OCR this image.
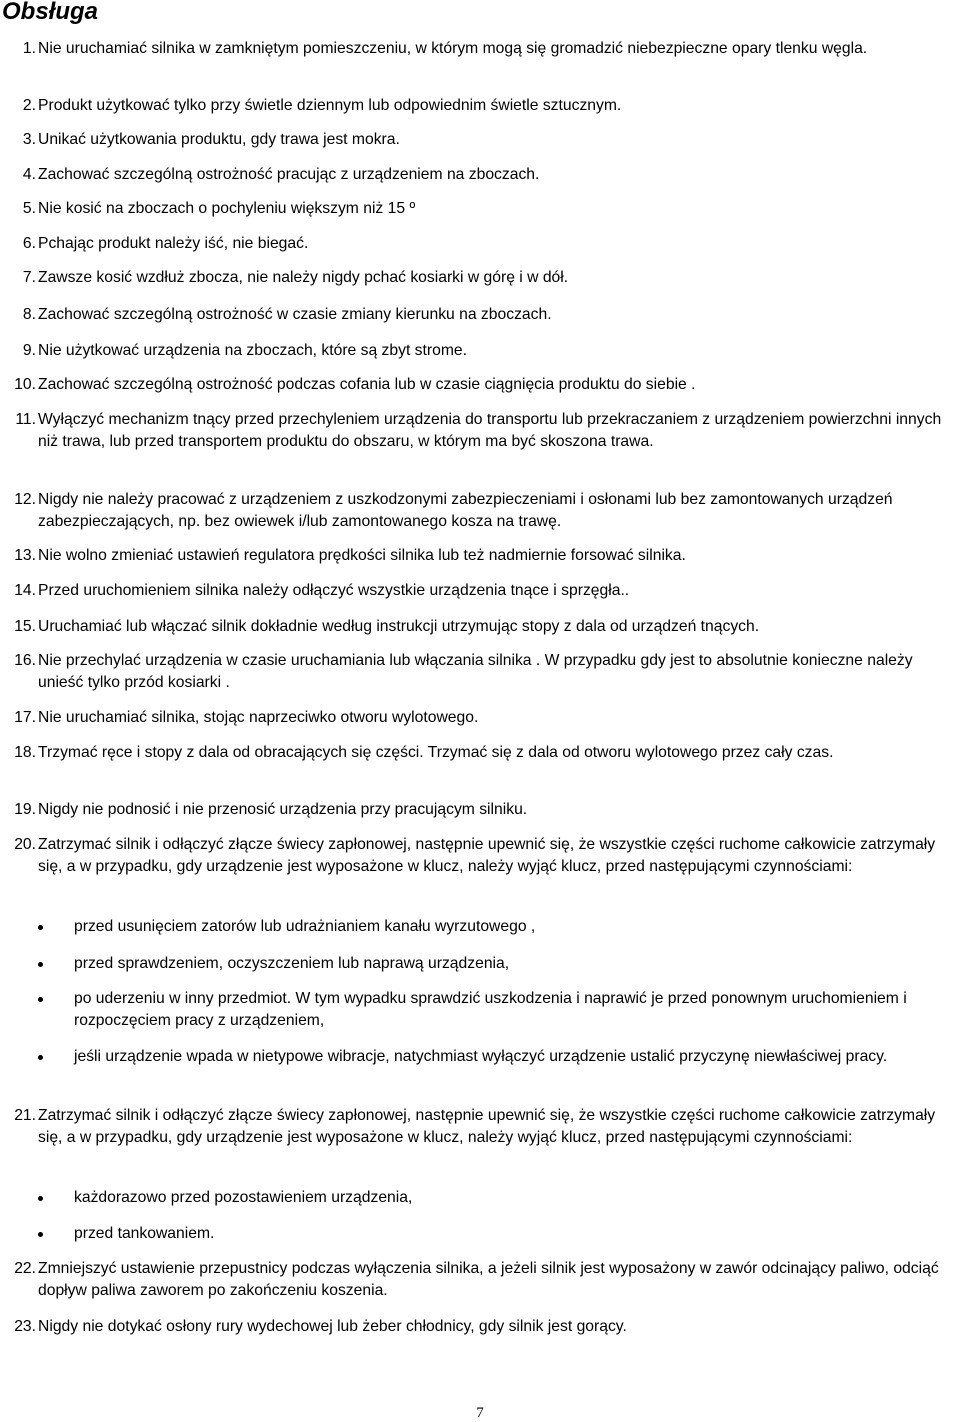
Obsługa
1. Nie uruchamiać silnika w zamkniętym pomieszczeniu, w którym mogą się gromadzić niebezpieczne opary tlenku węgla.
2. Produkt użytkować tylko przy świetle dziennym lub odpowiednim świetle sztucznym.
3. Unikać użytkowania produktu, gdy trawa jest mokra.
4. Zachować szczególną ostrożność pracując z urządzeniem na zboczach.
5. Nie kosić na zboczach o pochyleniu większym niż 15 º
6. Pchając produkt należy iść, nie biegać.
7. Zawsze kosić wzdłuż zbocza, nie należy nigdy pchać kosiarki w górę i w dół.
8. Zachować szczególną ostrożność w czasie zmiany kierunku na zboczach.
9. Nie użytkować urządzenia na zboczach, które są zbyt strome.
10. Zachować szczególną ostrożność podczas cofania lub w czasie ciągnięcia produktu do siebie .
11. Wyłączyć mechanizm tnący przed przechyleniem urządzenia do transportu lub przekraczaniem z urządzeniem powierzchni innych niż trawa, lub przed transportem produktu do obszaru, w którym ma być skoszona trawa.
12. Nigdy nie należy pracować z urządzeniem z uszkodzonymi zabezpieczeniami i osłonami lub bez zamontowanych urządzeń zabezpieczających, np. bez owiewek i/lub zamontowanego kosza na trawę.
13. Nie wolno zmieniać ustawień regulatora prędkości silnika lub też nadmiernie forsować silnika.
14. Przed uruchomieniem silnika należy odłączyć wszystkie urządzenia tnące i sprzęgła..
15. Uruchamiać lub włączać silnik dokładnie według instrukcji utrzymując stopy z dala od urządzeń tnących.
16. Nie przechylać urządzenia w czasie uruchamiania lub włączania silnika . W przypadku gdy jest to absolutnie konieczne należy unieść tylko przód kosiarki .
17. Nie uruchamiać silnika, stojąc naprzeciwko otworu wylotowego.
18. Trzymać ręce i stopy z dala od obracających się części. Trzymać się z dala od otworu wylotowego przez cały czas.
19. Nigdy nie podnosić i nie przenosić urządzenia przy pracującym silniku.
20. Zatrzymać silnik i odłączyć złącze świecy zapłonowej, następnie upewnić się, że wszystkie części ruchome całkowicie zatrzymały się, a w przypadku, gdy urządzenie jest wyposażone w klucz, należy wyjąć klucz, przed następującymi czynnościami:
przed usunięciem zatorów lub udrażnianiem kanału wyrzutowego ,
przed sprawdzeniem, oczyszczeniem lub naprawą urządzenia,
po uderzeniu w inny przedmiot. W tym wypadku sprawdzić uszkodzenia i naprawić je przed ponownym uruchomieniem i rozpoczęciem pracy z urządzeniem,
jeśli urządzenie wpada w nietypowe wibracje, natychmiast wyłączyć urządzenie ustalić przyczynę niewłaściwej pracy.
21. Zatrzymać silnik i odłączyć złącze świecy zapłonowej, następnie upewnić się, że wszystkie części ruchome całkowicie zatrzymały się, a w przypadku, gdy urządzenie jest wyposażone w klucz, należy wyjąć klucz, przed następującymi czynnościami:
każdorazowo przed pozostawieniem urządzenia,
przed tankowaniem.
22. Zmniejszyć ustawienie przepustnicy podczas wyłączenia silnika, a jeżeli silnik jest wyposażony w zawór odcinający paliwo, odciąć dopływ paliwa zaworem po zakończeniu koszenia.
23. Nigdy nie dotykać osłony rury wydechowej lub żeber chłodnicy, gdy silnik jest gorący.
7
